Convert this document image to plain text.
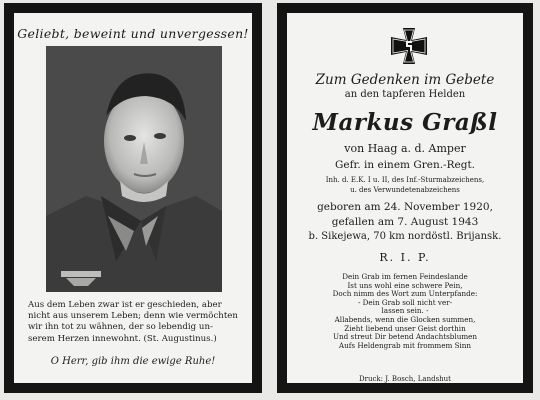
Geliebt, beweint und unvergessen!
Aus dem Leben zwar ist er geschieden, aber
nicht aus unserem Leben; denn wie vermöchten
wir ihn tot zu wähnen, der so lebendig un-
serem Herzen innewohnt. (St. Augustinus.)
O Herr, gib ihm die ewige Ruhe!
Zum Gedenken im Gebete
an den tapferen Helden
Markus Graßl
von Haag a. d. Amper
Gefr. in einem Gren.-Regt.
Inh. d. E.K. I u. II, des Inf.-Sturmabzeichens,
u. des Verwundetenabzeichens
geboren am 24. November 1920,
gefallen am 7. August 1943
b. Sikejewa, 70 km nordöstl. Brijansk.
R. I. P.
Dein Grab im fernen Feindeslande
Ist uns wohl eine schwere Pein,
Doch nimm des Wort zum Unterpfande:
- Dein Grab soll nicht ver-
lassen sein. -
Allabends, wenn die Glocken summen,
Zieht liebend unser Geist dorthin
Und streut Dir betend Andachtsblumen
Aufs Heldengrab mit frommem Sinn
Druck: J. Bosch, Landshut
